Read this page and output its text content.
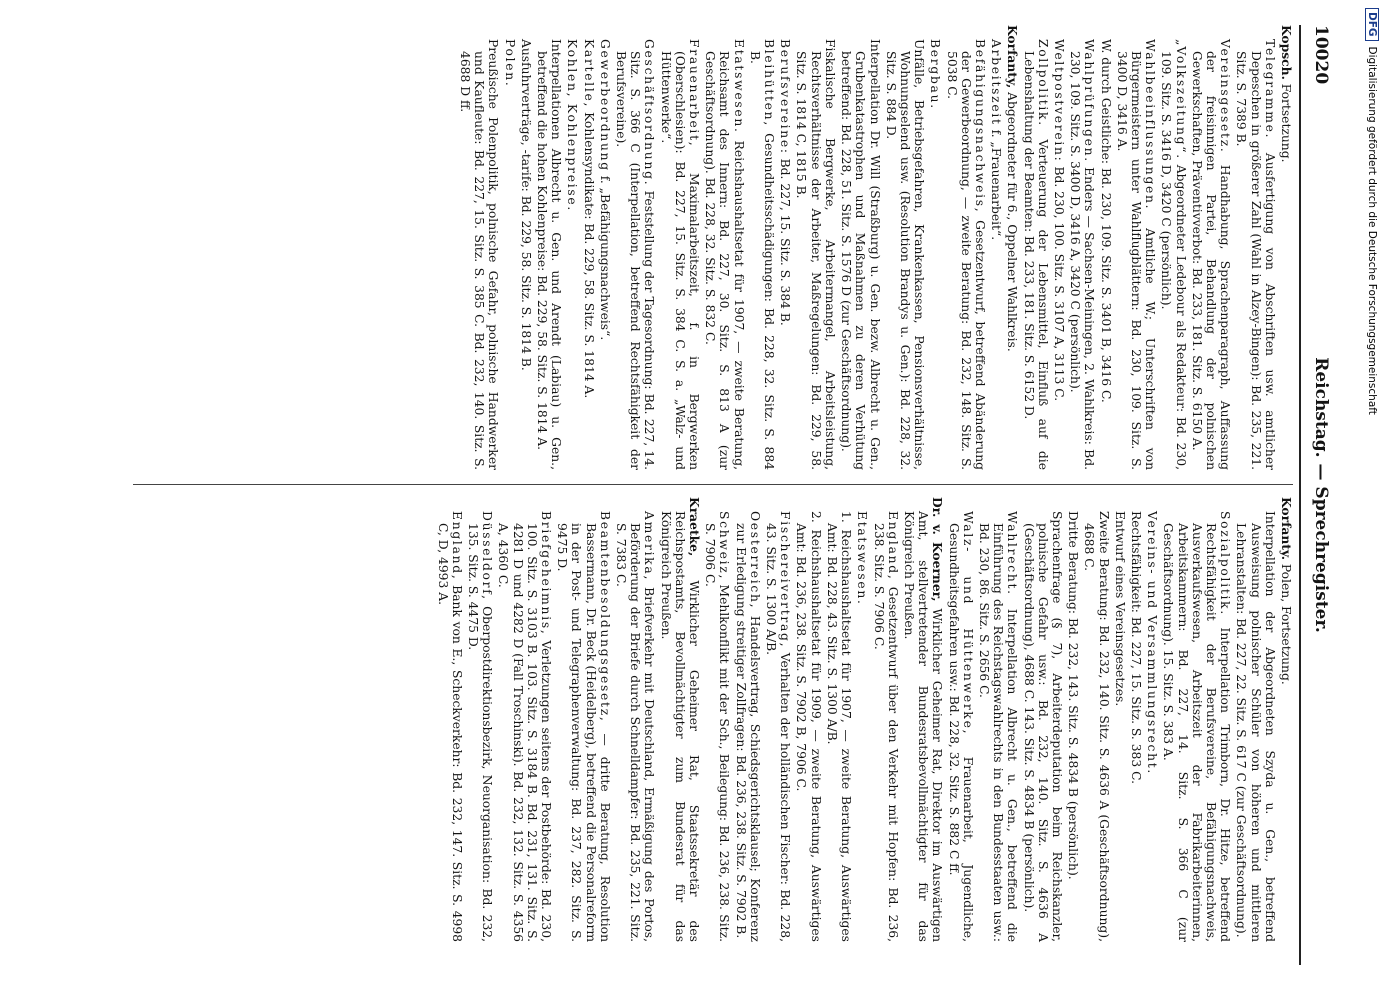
10020
Reichstag. — Sprechregister.

Kopsch. Fortsetzung.

Telegramme. Ausfertigung von Abschriften usw. amtlicher Depeschen in größerer Zahl (Wahl in Alzey-Bingen): Bd. 235, 221. Sitz. S. 7389 B.

Vereinsgesetz. Handhabung, Sprachenparagraph, Auffassung der freisinnigen Partei, Behandlung der polnischen Gewerkschaften, Präventivverbot: Bd. 233, 181. Sitz. S. 6150 A.

„Volkszeitung“. Abgeordneter Ledebour als Redakteur: Bd. 230, 109. Sitz. S. 3416 D, 3420 C (persönlich).

Wahlbeeinflussungen. Amtliche W.; Unterschriften von Bürgermeistern unter Wahlflugblättern: Bd. 230, 109. Sitz. S. 3400 D, 3416 A.

W. durch Geistliche: Bd. 230, 109. Sitz. S. 3401 B, 3416 C.

Wahlprüfungen. Enders — Sachsen-Meiningen, 2. Wahlkreis: Bd. 230, 109. Sitz. S. 3400 D, 3416 A, 3420 C (persönlich).

Weltpostverein: Bd. 230, 100. Sitz. S. 3107 A, 3113 C.

Zollpolitik. Verteuerung der Lebensmittel, Einfluß auf die Lebenshaltung der Beamten: Bd. 233, 181. Sitz. S. 6152 D.

Korfanty, Abgeordneter für 6., Oppelner Wahlkreis.

Arbeitszeit f. „Frauenarbeit“.

Befähigungsnachweis, Gesetzentwurf, betreffend Abänderung der Gewerbeordnung, — zweite Beratung: Bd. 232, 148. Sitz. S. 5038 C.

Bergbau.

Unfälle, Betriebsgefahren, Krankenkassen, Pensionsverhältnisse, Wohnungselend usw. (Resolution Brandys u. Gen.): Bd. 228, 32. Sitz. S. 884 D.

Interpellation Dr. Will (Straßburg) u. Gen. bezw. Albrecht u. Gen., Grubenkatastrophen und Maßnahmen zu deren Verhütung betreffend: Bd. 228, 51. Sitz. S. 1576 D (zur Geschäftsordnung).

Fiskalische Bergwerke, Arbeitermangel, Arbeitsleistung, Rechtsverhältnisse der Arbeiter, Maßregelungen: Bd. 229, 58. Sitz. S. 1814 C, 1815 B.

Berufsvereine: Bd. 227, 15. Sitz. S. 384 B.

Bleihütten, Gesundheitsschädigungen: Bd. 228, 32. Sitz. S. 884 B.

Etatswesen. Reichshaushaltsetat für 1907, — zweite Beratung, Reichsamt des Innern: Bd. 227, 30. Sitz. S. 813 A (zur Geschäftsordnung). Bd. 228, 32. Sitz. S. 832 C.

Frauenarbeit, Maximalarbeitszeit, f. in Bergwerken (Oberschlesien): Bd. 227, 15. Sitz. S. 384 C. S. a. „Walz- und Hüttenwerke“.

Geschäftsordnung. Feststellung der Tagesordnung: Bd. 227, 14. Sitz. S. 366 C (Interpellation, betreffend Rechtsfähigkeit der Berufsvereine).

Gewerbeordnung f. „Befähigungsnachweis“.

Kartelle, Kohlensyndikate: Bd. 229, 58. Sitz. S. 1814 A.

Kohlen, Kohlenpreise.

Interpellationen Albrecht u. Gen. und Arendt (Labiau) u. Gen., betreffend die hohen Kohlenpreise: Bd. 229, 58. Sitz. S. 1814 A.

Ausfuhrverträge, -tarife: Bd. 229, 58. Sitz. S. 1814 B.

Polen.

Preußische Polenpolitik, polnische Gefahr, polnische Handwerker und Kaufleute: Bd. 227, 15. Sitz. S. 385 C. Bd. 232, 140. Sitz. S. 4688 D ff.

Korfanty. Polen, Fortsetzung.

Interpellation der Abgeordneten Szyda u. Gen., betreffend Ausweisung polnischer Schüler von höheren und mittleren Lehranstalten: Bd. 227, 22. Sitz. S. 617 C (zur Geschäftsordnung).

Sozialpolitik. Interpellation Trimborn, Dr. Hitze, betreffend Rechtsfähigkeit der Berufsvereine, Befähigungsnachweis, Ausverkaufswesen, Arbeitszeit der Fabrikarbeiterinnen, Arbeitskammern: Bd. 227, 14. Sitz. S. 366 C (zur Geschäftsordnung). 15. Sitz. S. 383 A.

Vereins- und Versammlungsrecht.

Rechtsfähigkeit: Bd. 227, 15. Sitz. S. 383 C.

Entwurf eines Vereinsgesetzes.

Zweite Beratung: Bd. 232, 140. Sitz. S. 4636 A (Geschäftsordnung), 4688 C.

Dritte Beratung: Bd. 232, 143. Sitz. S. 4834 B (persönlich).

Sprachenfrage (§ 7), Arbeiterdeputation beim Reichskanzler, polnische Gefahr usw.: Bd. 232, 140. Sitz. S. 4636 A (Geschäftsordnung), 4688 C. 143. Sitz. S. 4834 B (persönlich).

Wahlrecht. Interpellation Albrecht u. Gen., betreffend die Einführung des Reichstagswahlrechts in den Bundesstaaten usw.: Bd. 230, 86. Sitz. S. 2656 C.

Walz- und Hüttenwerke, Frauenarbeit, Jugendliche, Gesundheitsgefahren usw.: Bd. 228, 32. Sitz. S. 882 C ff.

Dr. v. Koerner, Wirklicher Geheimer Rat, Direktor im Auswärtigen Amt, stellvertretender Bundesratsbevollmächtigter für das Königreich Preußen.

England, Gesetzentwurf über den Verkehr mit Hopfen: Bd. 236, 238. Sitz. S. 7906 C.

Etatswesen.

1. Reichshaushaltsetat für 1907, — zweite Beratung, Auswärtiges Amt: Bd. 228, 43. Sitz. S. 1300 A/B.

2. Reichshaushaltsetat für 1909, — zweite Beratung, Auswärtiges Amt: Bd. 236, 238. Sitz. S. 7902 B, 7906 C.

Fischereivertrag, Verhalten der holländischen Fischer: Bd. 228, 43. Sitz. S. 1300 A/B.

Oesterreich, Handelsvertrag, Schiedsgerichtsklausel; Konferenz zur Erledigung streitiger Zollfragen: Bd. 236, 238. Sitz. S. 7902 B.

Schweiz, Mehlkonflikt mit der Sch., Beilegung: Bd. 236, 238. Sitz. S. 7906 C.

Kraetke, Wirklicher Geheimer Rat, Staatssekretär des Reichspostamts, Bevollmächtigter zum Bundesrat für das Königreich Preußen.

Amerika, Briefverkehr mit Deutschland, Ermäßigung des Portos, Beförderung der Briefe durch Schnelldampfer: Bd. 235, 221. Sitz. S. 7383 C.

Beamtenbesoldungsgesetz, — dritte Beratung, Resolution Bassermann, Dr. Beck (Heidelberg), betreffend die Personalreform in der Post- und Telegraphenverwaltung: Bd. 237, 282. Sitz. S. 9475 D.

Briefgeheimnis, Verletzungen seitens der Postbehörde: Bd. 230, 100. Sitz. S. 3103 B. 103. Sitz. S. 3184 B. Bd. 231, 131. Sitz. S. 4281 D und 4282 D (Fall Troschinski). Bd. 232, 132. Sitz. S. 4356 A, 4360 C.

Düsseldorf, Oberpostdirektionsbezirk, Neuorganisation: Bd. 232, 135. Sitz. S. 4475 D.

England, Bank von E., Scheckverkehr: Bd. 232, 147. Sitz. S. 4998 C, D, 4993 A.

DFGDigitalisierung gefördert durch die Deutsche Forschungsgemeinschaft
